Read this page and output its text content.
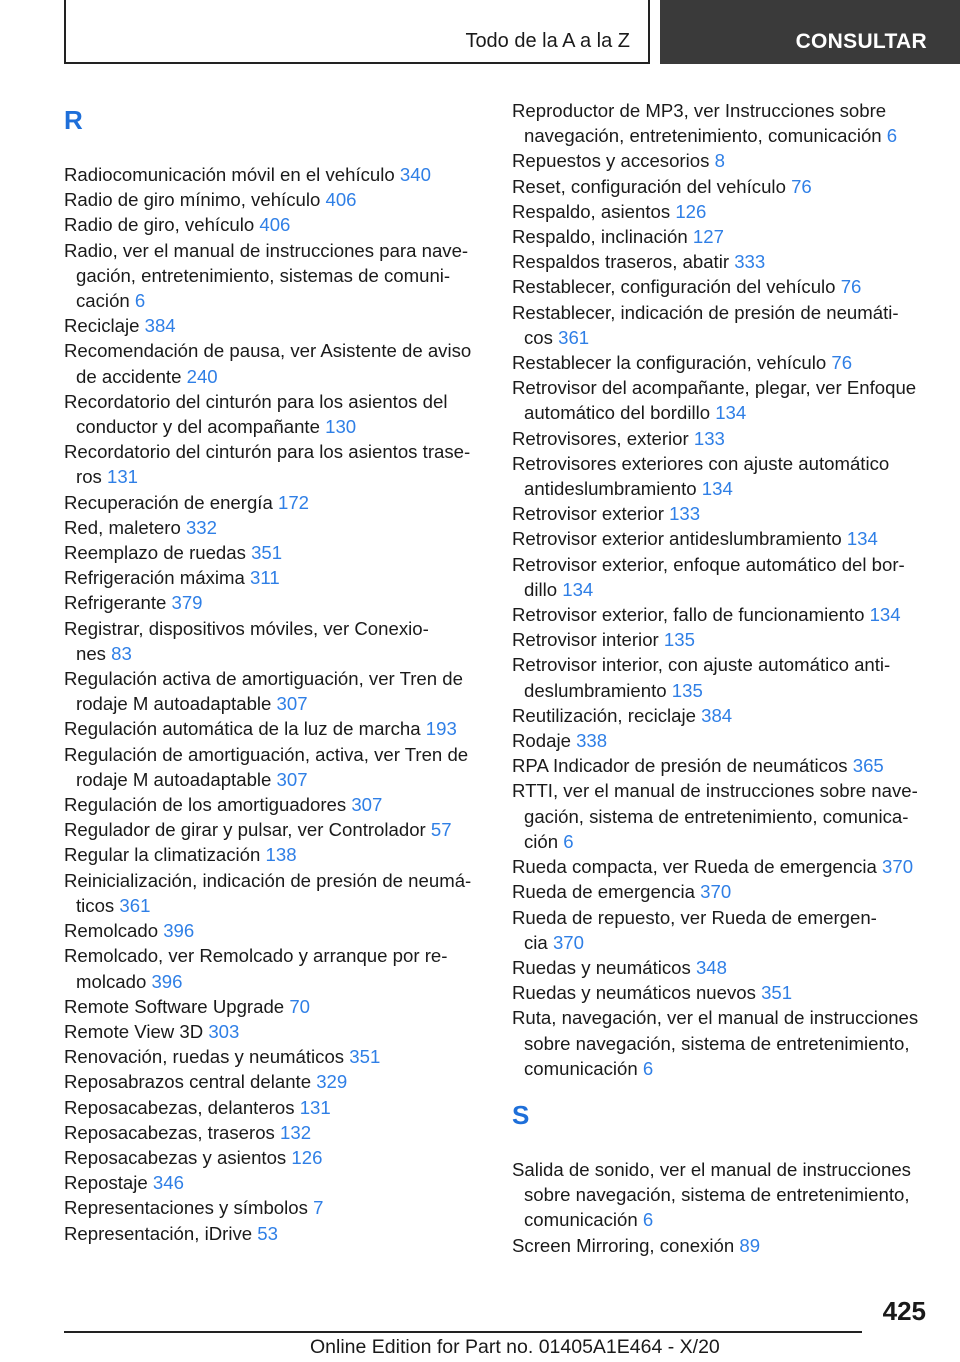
Todo de la A a la Z	CONSULTAR
R
Radiocomunicación móvil en el vehículo 340
Radio de giro mínimo, vehículo 406
Radio de giro, vehículo 406
Radio, ver el manual de instrucciones para nave-
gación, entretenimiento, sistemas de comuni-
cación 6
Reciclaje 384
Recomendación de pausa, ver Asistente de aviso
de accidente 240
Recordatorio del cinturón para los asientos del
conductor y del acompañante 130
Recordatorio del cinturón para los asientos trase-
ros 131
Recuperación de energía 172
Red, maletero 332
Reemplazo de ruedas 351
Refrigeración máxima 311
Refrigerante 379
Registrar, dispositivos móviles, ver Conexio-
nes 83
Regulación activa de amortiguación, ver Tren de
rodaje M autoadaptable 307
Regulación automática de la luz de marcha 193
Regulación de amortiguación, activa, ver Tren de
rodaje M autoadaptable 307
Regulación de los amortiguadores 307
Regulador de girar y pulsar, ver Controlador 57
Regular la climatización 138
Reinicialización, indicación de presión de neumá-
ticos 361
Remolcado 396
Remolcado, ver Remolcado y arranque por re-
molcado 396
Remote Software Upgrade 70
Remote View 3D 303
Renovación, ruedas y neumáticos 351
Reposabrazos central delante 329
Reposacabezas, delanteros 131
Reposacabezas, traseros 132
Reposacabezas y asientos 126
Repostaje 346
Representaciones y símbolos 7
Representación, iDrive 53
Reproductor de MP3, ver Instrucciones sobre
navegación, entretenimiento, comunicación 6
Repuestos y accesorios 8
Reset, configuración del vehículo 76
Respaldo, asientos 126
Respaldo, inclinación 127
Respaldos traseros, abatir 333
Restablecer, configuración del vehículo 76
Restablecer, indicación de presión de neumáti-
cos 361
Restablecer la configuración, vehículo 76
Retrovisor del acompañante, plegar, ver Enfoque
automático del bordillo 134
Retrovisores, exterior 133
Retrovisores exteriores con ajuste automático
antideslumbramiento 134
Retrovisor exterior 133
Retrovisor exterior antideslumbramiento 134
Retrovisor exterior, enfoque automático del bor-
dillo 134
Retrovisor exterior, fallo de funcionamiento 134
Retrovisor interior 135
Retrovisor interior, con ajuste automático anti-
deslumbramiento 135
Reutilización, reciclaje 384
Rodaje 338
RPA Indicador de presión de neumáticos 365
RTTI, ver el manual de instrucciones sobre nave-
gación, sistema de entretenimiento, comunica-
ción 6
Rueda compacta, ver Rueda de emergencia 370
Rueda de emergencia 370
Rueda de repuesto, ver Rueda de emergen-
cia 370
Ruedas y neumáticos 348
Ruedas y neumáticos nuevos 351
Ruta, navegación, ver el manual de instrucciones
sobre navegación, sistema de entretenimiento,
comunicación 6
S
Salida de sonido, ver el manual de instrucciones
sobre navegación, sistema de entretenimiento,
comunicación 6
Screen Mirroring, conexión 89
425
Online Edition for Part no. 01405A1E464 - X/20
